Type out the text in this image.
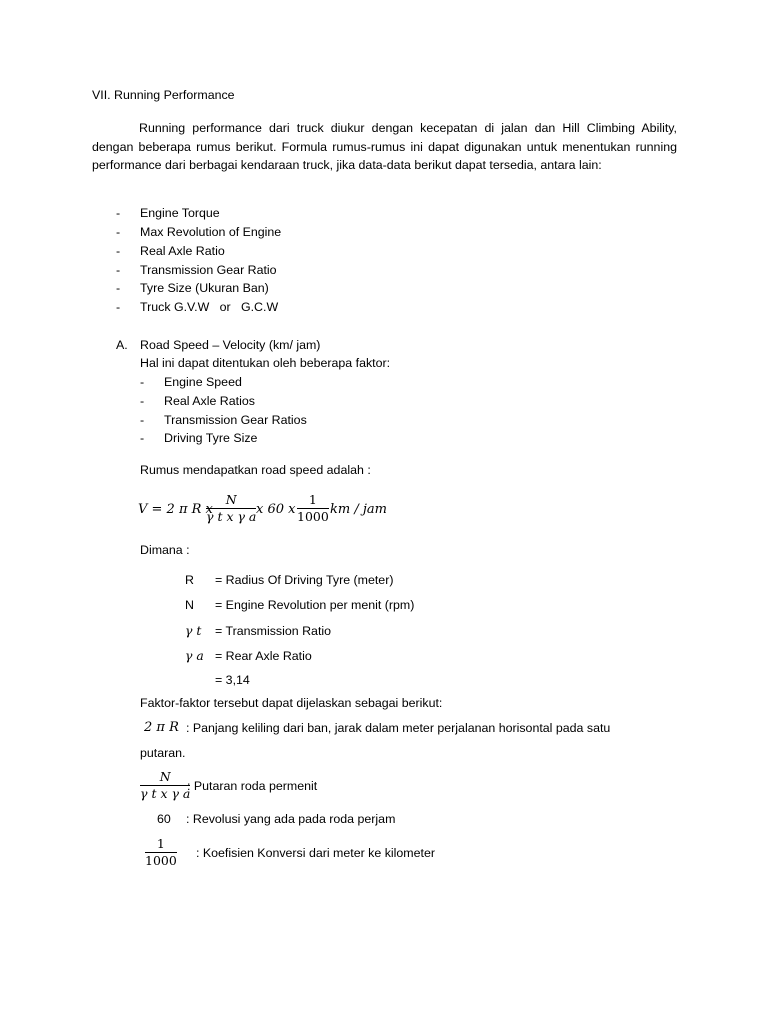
VII. Running Performance
Running performance dari truck diukur dengan kecepatan di jalan dan Hill Climbing Ability, dengan beberapa rumus berikut. Formula rumus-rumus ini dapat digunakan untuk menentukan running performance dari berbagai kendaraan truck, jika data-data berikut dapat tersedia, antara lain:
- Engine Torque
- Max Revolution of Engine
- Real Axle Ratio
- Transmission Gear Ratio
- Tyre Size (Ukuran Ban)
- Truck G.V.W   or   G.C.W
A. Road Speed – Velocity (km/ jam)
Hal ini dapat ditentukan oleh beberapa faktor:
- Engine Speed
- Real Axle Ratios
- Transmission Gear Ratios
- Driving Tyre Size
Rumus mendapatkan road speed adalah :
V = 2 π R x
N
γ t x γ a x 60 x
1
1000 km / jam
Dimana :
R = Radius Of Driving Tyre (meter)
N = Engine Revolution per menit (rpm)
γ t = Transmission Ratio
γ a = Rear Axle Ratio
= 3,14
Faktor-faktor tersebut dapat dijelaskan sebagai berikut:
2 π R : Panjang keliling dari ban, jarak dalam meter perjalanan horisontal pada satu
putaran.
N
γ t x γ a
: Putaran roda permenit
60 : Revolusi yang ada pada roda perjam
1
1000 : Koefisien Konversi dari meter ke kilometer
